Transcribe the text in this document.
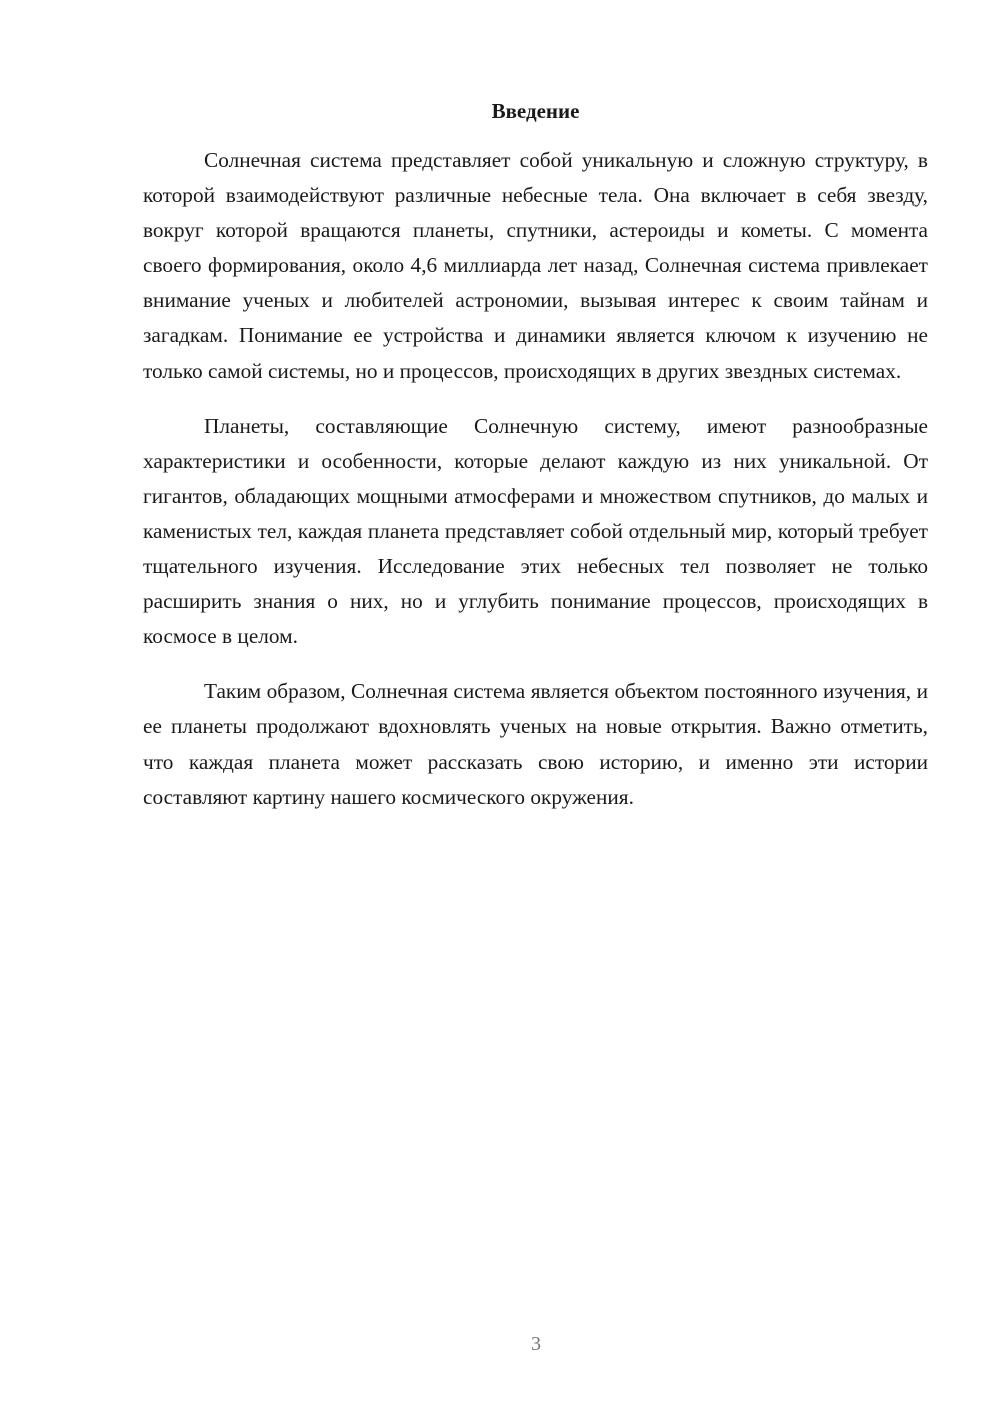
Введение

Солнечная система представляет собой уникальную и сложную структуру, в которой взаимодействуют различные небесные тела. Она включает в себя звезду, вокруг которой вращаются планеты, спутники, астероиды и кометы. С момента своего формирования, около 4,6 миллиарда лет назад, Солнечная система привлекает внимание ученых и любителей астрономии, вызывая интерес к своим тайнам и загадкам. Понимание ее устройства и динамики является ключом к изучению не только самой системы, но и процессов, происходящих в других звездных системах.

Планеты, составляющие Солнечную систему, имеют разнообразные характеристики и особенности, которые делают каждую из них уникальной. От гигантов, обладающих мощными атмосферами и множеством спутников, до малых и каменистых тел, каждая планета представляет собой отдельный мир, который требует тщательного изучения. Исследование этих небесных тел позволяет не только расширить знания о них, но и углубить понимание процессов, происходящих в космосе в целом.

Таким образом, Солнечная система является объектом постоянного изучения, и ее планеты продолжают вдохновлять ученых на новые открытия. Важно отметить, что каждая планета может рассказать свою историю, и именно эти истории составляют картину нашего космического окружения.

3
